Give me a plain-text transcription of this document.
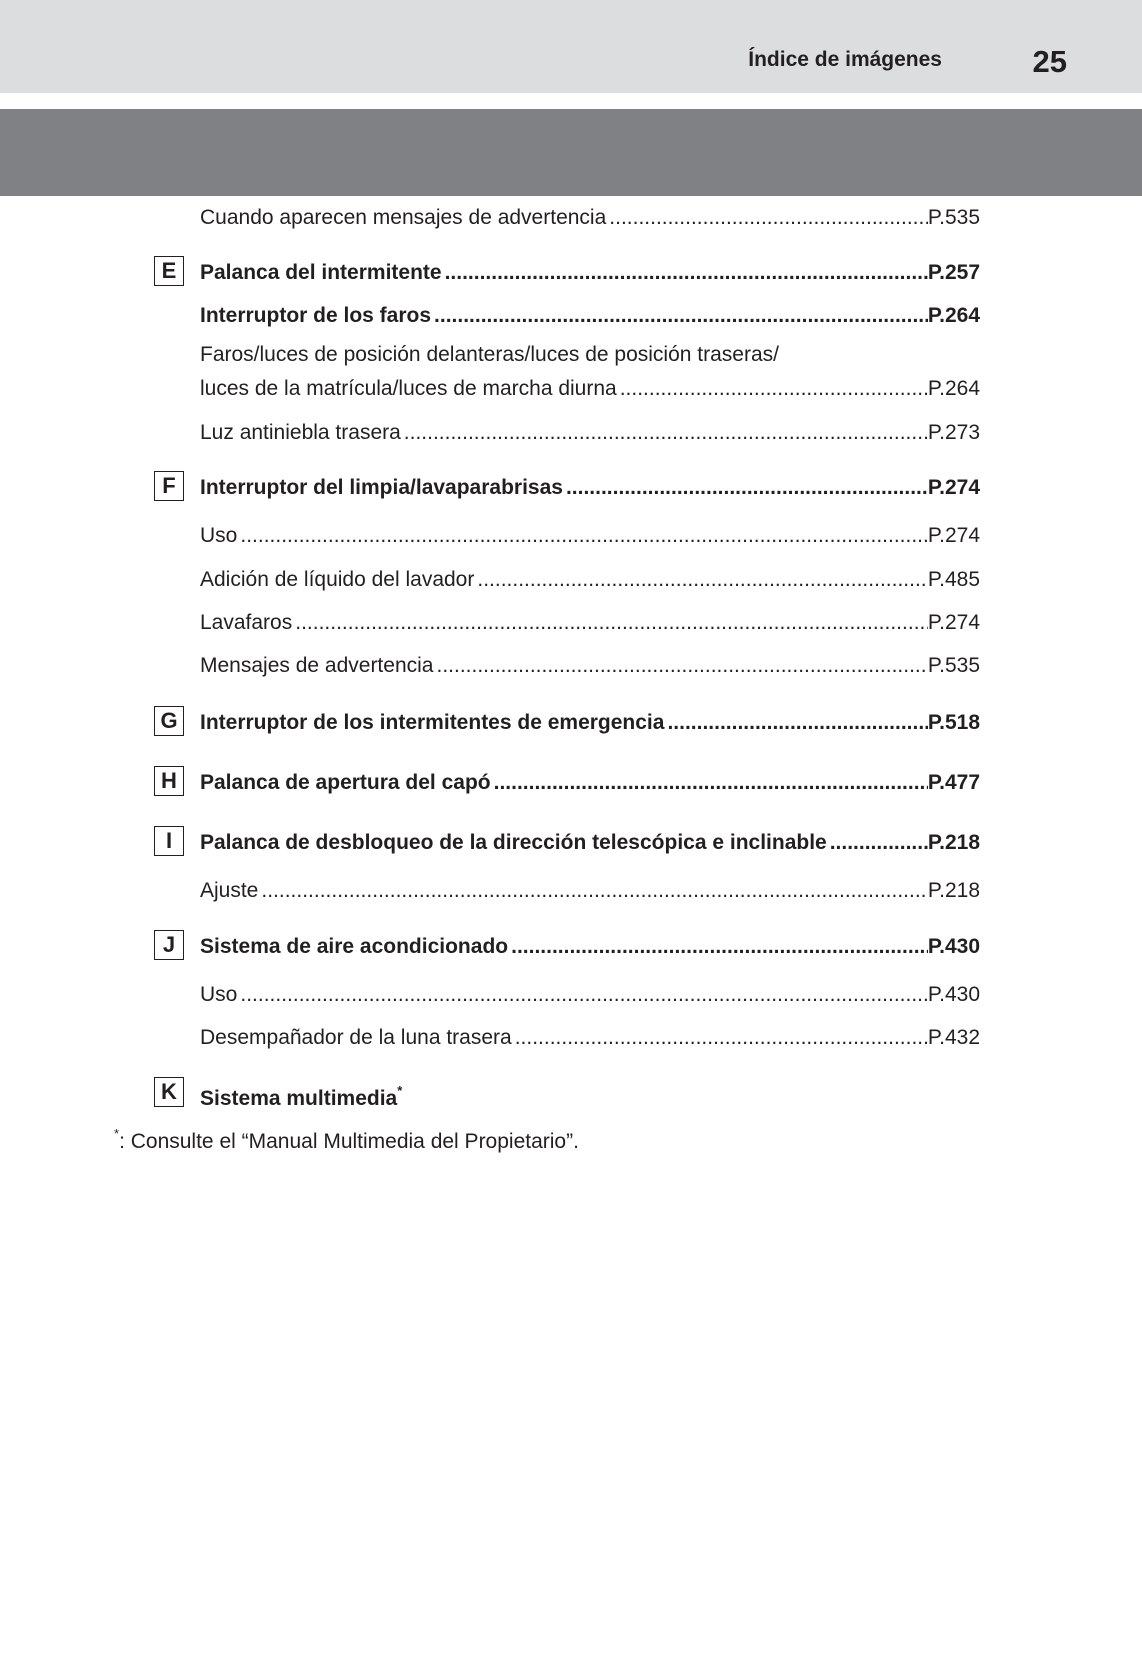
Índice de imágenes	25
Cuando aparecen mensajes de advertencia .....	P.535
E	Palanca del intermitente .....	P.257
Interruptor de los faros .....	P.264
Faros/luces de posición delanteras/luces de posición traseras/
luces de la matrícula/luces de marcha diurna .....	P.264
Luz antiniebla trasera .....	P.273
F	Interruptor del limpia/lavaparabrisas .....	P.274
Uso .....	P.274
Adición de líquido del lavador .....	P.485
Lavafaros .....	P.274
Mensajes de advertencia .....	P.535
G	Interruptor de los intermitentes de emergencia .....	P.518
H	Palanca de apertura del capó .....	P.477
I	Palanca de desbloqueo de la dirección telescópica e inclinable .....	P.218
Ajuste .....	P.218
J	Sistema de aire acondicionado .....	P.430
Uso .....	P.430
Desempañador de la luna trasera .....	P.432
K	Sistema multimedia*
*: Consulte el “Manual Multimedia del Propietario”.
